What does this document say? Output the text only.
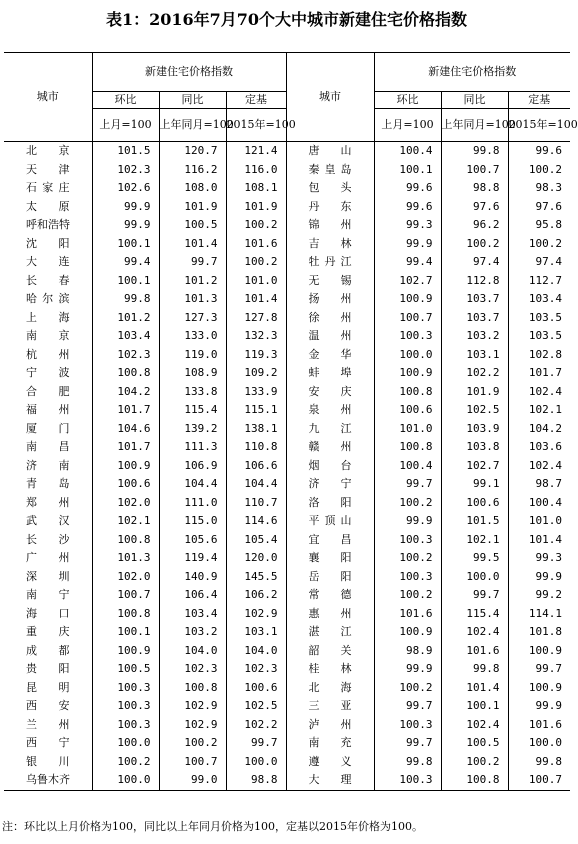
表1：2016年7月70个大中城市新建住宅价格指数
城市	新建住宅价格指数			城市	新建住宅价格指数		
	环比	同比	定基		环比	同比	定基
	上月=100	上年同月=100	2015年=100		上月=100	上年同月=100	2015年=100
北京	101.5	120.7	121.4	唐山	100.4	99.8	99.6
天津	102.3	116.2	116.0	秦皇岛	100.1	100.7	100.2
石家庄	102.6	108.0	108.1	包头	99.6	98.8	98.3
太原	99.9	101.9	101.9	丹东	99.6	97.6	97.6
呼和浩特	99.9	100.5	100.2	锦州	99.3	96.2	95.8
沈阳	100.1	101.4	101.6	吉林	99.9	100.2	100.2
大连	99.4	99.7	100.2	牡丹江	99.4	97.4	97.4
长春	100.1	101.2	101.0	无锡	102.7	112.8	112.7
哈尔滨	99.8	101.3	101.4	扬州	100.9	103.7	103.4
上海	101.2	127.3	127.8	徐州	100.7	103.7	103.5
南京	103.4	133.0	132.3	温州	100.3	103.2	103.5
杭州	102.3	119.0	119.3	金华	100.0	103.1	102.8
宁波	100.8	108.9	109.2	蚌埠	100.9	102.2	101.7
合肥	104.2	133.8	133.9	安庆	100.8	101.9	102.4
福州	101.7	115.4	115.1	泉州	100.6	102.5	102.1
厦门	104.6	139.2	138.1	九江	101.0	103.9	104.2
南昌	101.7	111.3	110.8	赣州	100.8	103.8	103.6
济南	100.9	106.9	106.6	烟台	100.4	102.7	102.4
青岛	100.6	104.4	104.4	济宁	99.7	99.1	98.7
郑州	102.0	111.0	110.7	洛阳	100.2	100.6	100.4
武汉	102.1	115.0	114.6	平顶山	99.9	101.5	101.0
长沙	100.8	105.6	105.4	宜昌	100.3	102.1	101.4
广州	101.3	119.4	120.0	襄阳	100.2	99.5	99.3
深圳	102.0	140.9	145.5	岳阳	100.3	100.0	99.9
南宁	100.7	106.4	106.2	常德	100.2	99.7	99.2
海口	100.8	103.4	102.9	惠州	101.6	115.4	114.1
重庆	100.1	103.2	103.1	湛江	100.9	102.4	101.8
成都	100.9	104.0	104.0	韶关	98.9	101.6	100.9
贵阳	100.5	102.3	102.3	桂林	99.9	99.8	99.7
昆明	100.3	100.8	100.6	北海	100.2	101.4	100.9
西安	100.3	102.9	102.5	三亚	99.7	100.1	99.9
兰州	100.3	102.9	102.2	泸州	100.3	102.4	101.6
西宁	100.0	100.2	99.7	南充	99.7	100.5	100.0
银川	100.2	100.7	100.0	遵义	99.8	100.2	99.8
乌鲁木齐	100.0	99.0	98.8	大理	100.3	100.8	100.7
注：环比以上月价格为100，同比以上年同月价格为100，定基以2015年价格为100。
